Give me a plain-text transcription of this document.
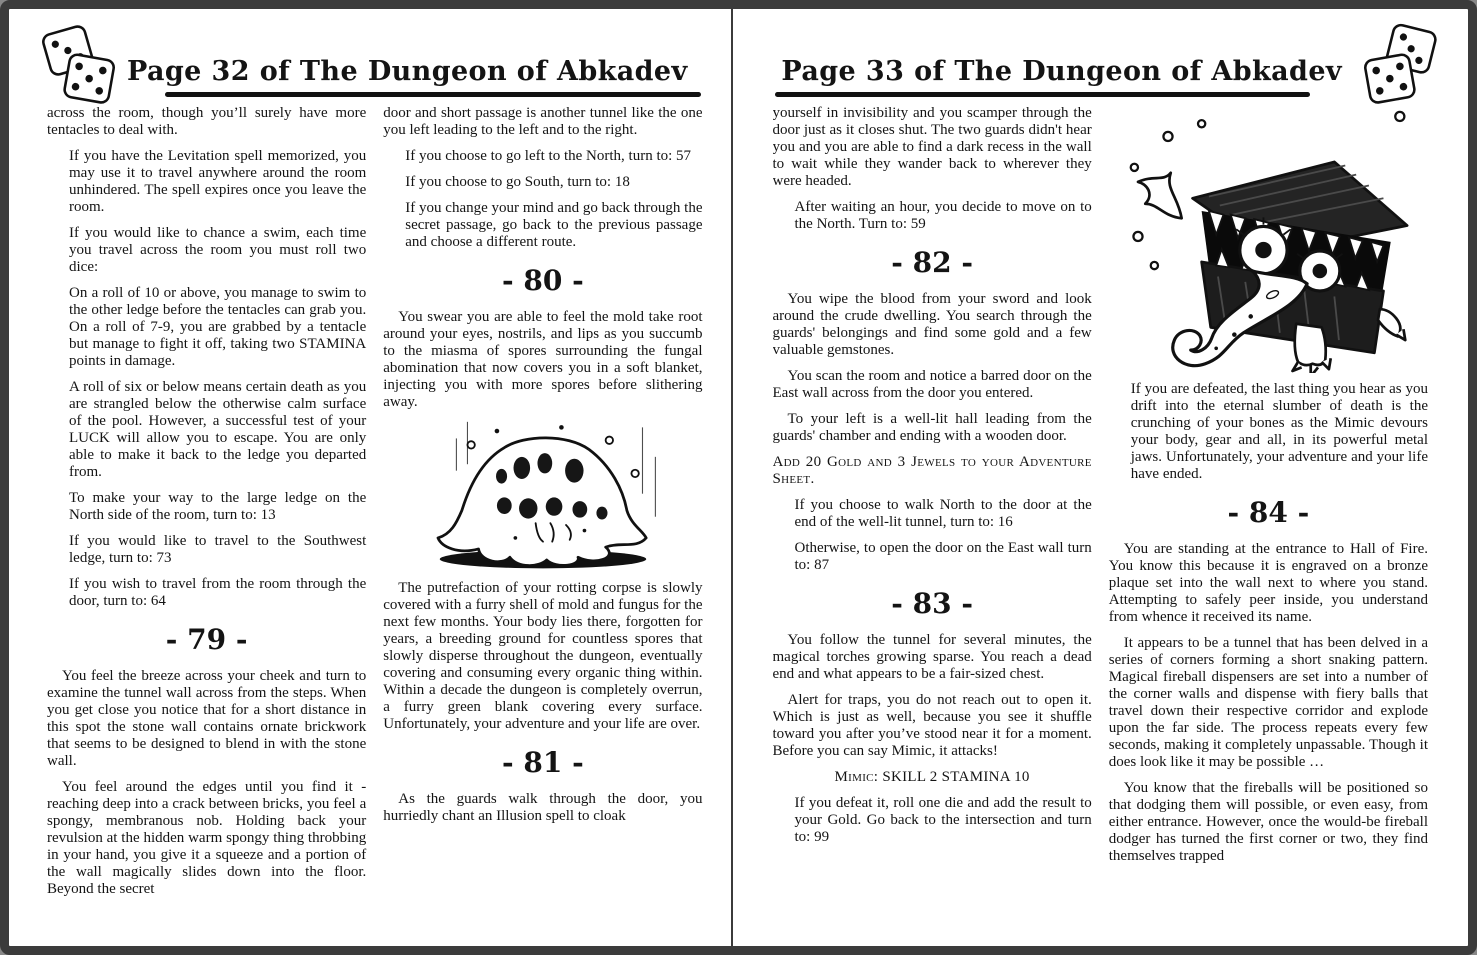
Page 32 of The Dungeon of Abkadev

across the room, though you’ll surely have more tentacles to deal with.

If you have the Levitation spell memorized, you may use it to travel anywhere around the room unhindered. The spell expires once you leave the room.

If you would like to chance a swim, each time you travel across the room you must roll two dice:

On a roll of 10 or above, you manage to swim to the other ledge before the tentacles can grab you. On a roll of 7-9, you are grabbed by a tentacle but manage to fight it off, taking two STAMINA points in damage.

A roll of six or below means certain death as you are strangled below the otherwise calm surface of the pool. However, a successful test of your LUCK will allow you to escape. You are only able to make it back to the ledge you departed from.

To make your way to the large ledge on the North side of the room, turn to: 13

If you would like to travel to the Southwest ledge, turn to: 73

If you wish to travel from the room through the door, turn to: 64

- 79 -

You feel the breeze across your cheek and turn to examine the tunnel wall across from the steps. When you get close you notice that for a short distance in this spot the stone wall contains ornate brickwork that seems to be designed to blend in with the stone wall.

You feel around the edges until you find it - reaching deep into a crack between bricks, you feel a spongy, membranous nob. Holding back your revulsion at the hidden warm spongy thing throbbing in your hand, you give it a squeeze and a portion of the wall magically slides down into the floor. Beyond the secret

door and short passage is another tunnel like the one you left leading to the left and to the right.

If you choose to go left to the North, turn to: 57

If you choose to go South, turn to: 18

If you change your mind and go back through the secret passage, go back to the previous passage and choose a different route.

- 80 -

You swear you are able to feel the mold take root around your eyes, nostrils, and lips as you succumb to the miasma of spores surrounding the fungal abomination that now covers you in a soft blanket, injecting you with more spores before slithering away.

The putrefaction of your rotting corpse is slowly covered with a furry shell of mold and fungus for the next few months. Your body lies there, forgotten for years, a breeding ground for countless spores that slowly disperse throughout the dungeon, eventually covering and consuming every organic thing within. Within a decade the dungeon is completely overrun, a furry green blank covering every surface. Unfortunately, your adventure and your life are over.

- 81 -

As the guards walk through the door, you hurriedly chant an Illusion spell to cloak

Page 33 of The Dungeon of Abkadev

yourself in invisibility and you scamper through the door just as it closes shut. The two guards didn't hear you and you are able to find a dark recess in the wall to wait while they wander back to wherever they were headed.

After waiting an hour, you decide to move on to the North. Turn to: 59

- 82 -

You wipe the blood from your sword and look around the crude dwelling. You search through the guards' belongings and find some gold and a few valuable gemstones.

You scan the room and notice a barred door on the East wall across from the door you entered.

To your left is a well-lit hall leading from the guards' chamber and ending with a wooden door.

Add 20 Gold and 3 Jewels to your Adventure Sheet.

If you choose to walk North to the door at the end of the well-lit tunnel, turn to: 16

Otherwise, to open the door on the East wall turn to: 87

- 83 -

You follow the tunnel for several minutes, the magical torches growing sparse. You reach a dead end and what appears to be a fair-sized chest.

Alert for traps, you do not reach out to open it. Which is just as well, because you see it shuffle toward you after you’ve stood near it for a moment. Before you can say Mimic, it attacks!

Mimic: SKILL 2 STAMINA 10

If you defeat it, roll one die and add the result to your Gold. Go back to the intersection and turn to: 99

If you are defeated, the last thing you hear as you drift into the eternal slumber of death is the crunching of your bones as the Mimic devours your body, gear and all, in its powerful metal jaws. Unfortunately, your adventure and your life have ended.

- 84 -

You are standing at the entrance to Hall of Fire. You know this because it is engraved on a bronze plaque set into the wall next to where you stand. Attempting to safely peer inside, you understand from whence it received its name.

It appears to be a tunnel that has been delved in a series of corners forming a short snaking pattern. Magical fireball dispensers are set into a number of the corner walls and dispense with fiery balls that travel down their respective corridor and explode upon the far side. The process repeats every few seconds, making it completely unpassable. Though it does look like it may be possible …

You know that the fireballs will be positioned so that dodging them will possible, or even easy, from either entrance. However, once the would-be fireball dodger has turned the first corner or two, they find themselves trapped
